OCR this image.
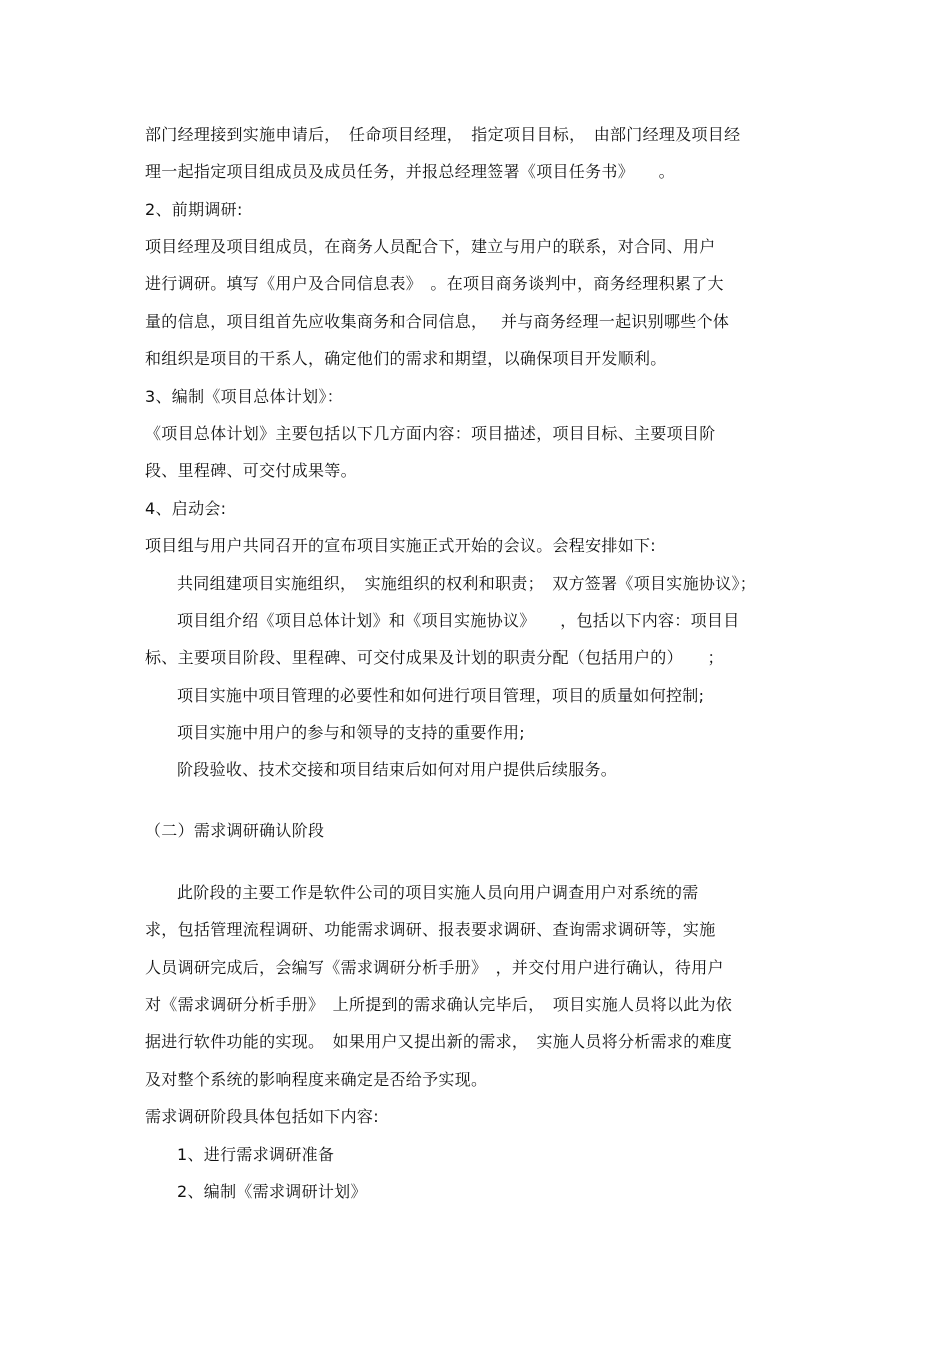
部门经理接到实施申请后，　任命项目经理，　指定项目目标，　由部门经理及项目经
理一起指定项目组成员及成员任务，并报总经理签署《项目任务书》　　。
2、前期调研:
项目经理及项目组成员，在商务人员配合下，建立与用户的联系，对合同、用户
进行调研。填写《用户及合同信息表》　。在项目商务谈判中，商务经理积累了大
量的信息，项目组首先应收集商务和合同信息，　 并与商务经理一起识别哪些个体
和组织是项目的干系人，确定他们的需求和期望，以确保项目开发顺利。
3、编制《项目总体计划》：
《项目总体计划》主要包括以下几方面内容：项目描述，项目目标、主要项目阶
段、里程碑、可交付成果等。
4、启动会:
项目组与用户共同召开的宣布项目实施正式开始的会议。会程安排如下:
共同组建项目实施组织，　实施组织的权利和职责；　双方签署《项目实施协议》；
项目组介绍《项目总体计划》和《项目实施协议》　　，包括以下内容：项目目
标、主要项目阶段、里程碑、可交付成果及计划的职责分配（包括用户的）　　；
项目实施中项目管理的必要性和如何进行项目管理，项目的质量如何控制;
项目实施中用户的参与和领导的支持的重要作用;
阶段验收、技术交接和项目结束后如何对用户提供后续服务。
（二）需求调研确认阶段
此阶段的主要工作是软件公司的项目实施人员向用户调查用户对系统的需
求，包括管理流程调研、功能需求调研、报表要求调研、查询需求调研等，实施
人员调研完成后，会编写《需求调研分析手册》　，并交付用户进行确认，待用户
对《需求调研分析手册》　上所提到的需求确认完毕后，　项目实施人员将以此为依
据进行软件功能的实现。　如果用户又提出新的需求，　实施人员将分析需求的难度
及对整个系统的影响程度来确定是否给予实现。
需求调研阶段具体包括如下内容:
1、进行需求调研准备
2、编制《需求调研计划》
